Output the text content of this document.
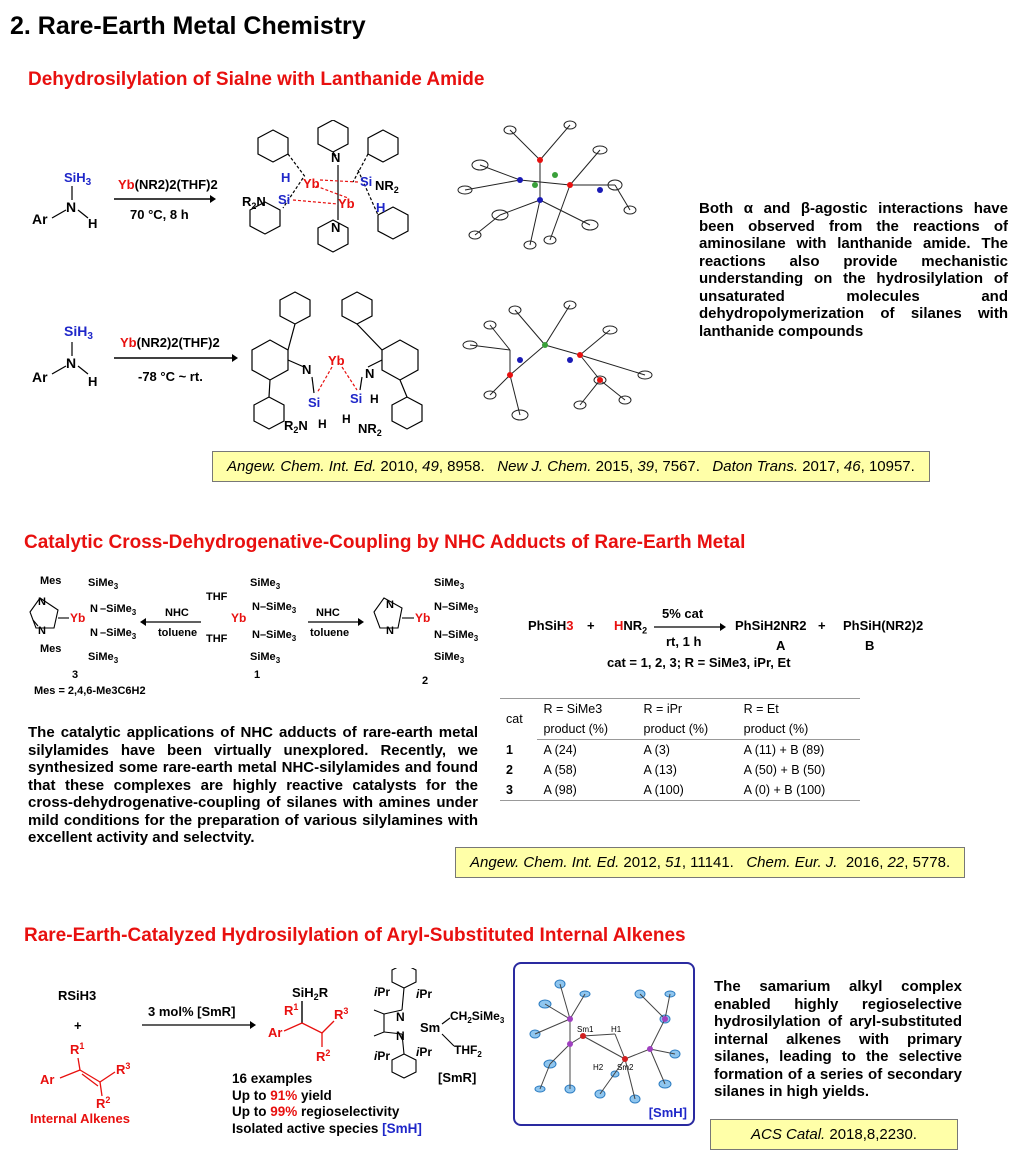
2. Rare-Earth Metal Chemistry
Dehydrosilylation of Sialne with Lanthanide Amide
SiH$_3$
N
Ar	H
Yb(NR2)2(THF)2
70 °C, 8 h
N
Yb
Yb
H
Si
Si
H
$R_2N$
$NR_2$
N
SiH$_3$
N
Ar	H
Yb(NR2)2(THF)2
-78 °C ~ rt.	N	N
Yb
Si Si H
$R_2N$ H H
$NR_2$
Both α and β-agostic interactions have been observed from the reactions of aminosilane with lanthanide amide. The reactions also provide mechanistic understanding on the hydrosilylation of unsaturated molecules and dehydropolymerization of silanes with lanthanide compounds
Angew. Chem. Int. Ed. 2010, 49, 8958. New J. Chem. 2015, 39, 7567. Daton Trans. 2017, 46, 10957.
Catalytic Cross-Dehydrogenative-Coupling by NHC Adducts of Rare-Earth Metal
Mes
N
N
Mes
Yb
SiMe$_3$
N –SiMe$_3$
N –SiMe$_3$
SiMe$_3$
3
Mes = 2,4,6-Me3C6H2
NHC
toluene
THF
THF
Yb
SiMe$_3$
N–SiMe$_3$
N–SiMe$_3$
SiMe$_3$
1
NHC
toluene
N
N
Yb
SiMe$_3$
N–SiMe$_3$
N–SiMe$_3$
SiMe$_3$
2
PhSiH3 + $HNR_2$
5% cat
rt, 1 h
PhSiH2NR2
A
+ PhSiH(NR2)2
B
cat = 1, 2, 3; R = SiMe3, iPr, Et
cat	R = SiMe3	R = iPr	R = Et
	product (%)	product (%)	product (%)
1	A (24)	A (3)	A (11) + B (89)
2	A (58)	A (13)	A (50) + B (50)
3	A (98)	A (100)	A (0) + B (100)
The catalytic applications of NHC adducts of rare-earth metal silylamides have been virtually unexplored. Recently, we synthesized some rare-earth metal NHC-silylamides and found that these complexes are highly reactive catalysts for the cross-dehydrogenative-coupling of silanes with amines under mild conditions for the preparation of various silylamines with excellent activity and selectvity.
Angew. Chem. Int. Ed. 2012, 51, 11141. Chem. Eur. J. 2016, 22, 5778.
Rare-Earth-Catalyzed Hydrosilylation of Aryl-Substituted Internal Alkenes
RSiH3
+
$R^1$
Ar
$R^3$
$R^2$
Internal Alkenes
3 mol% [SmR]
SiH$_2$R
$R^1$
Ar
$R^3$
$R^2$
16 examples
Up to 91% yield
Up to 99% regioselectivity
Isolated active species [SmH]
N
N
Sm
iPr iPr
iPr iPr
$CH_2SiMe_3$
$THF_2$
[SmR]
Sm1
Sm2
H1
H2
[SmH]
The samarium alkyl complex enabled highly regioselective hydrosilylation of aryl-substituted internal alkenes with primary silanes, leading to the selective formation of a series of secondary silanes in high yields.
ACS Catal. 2018,8,2230.
